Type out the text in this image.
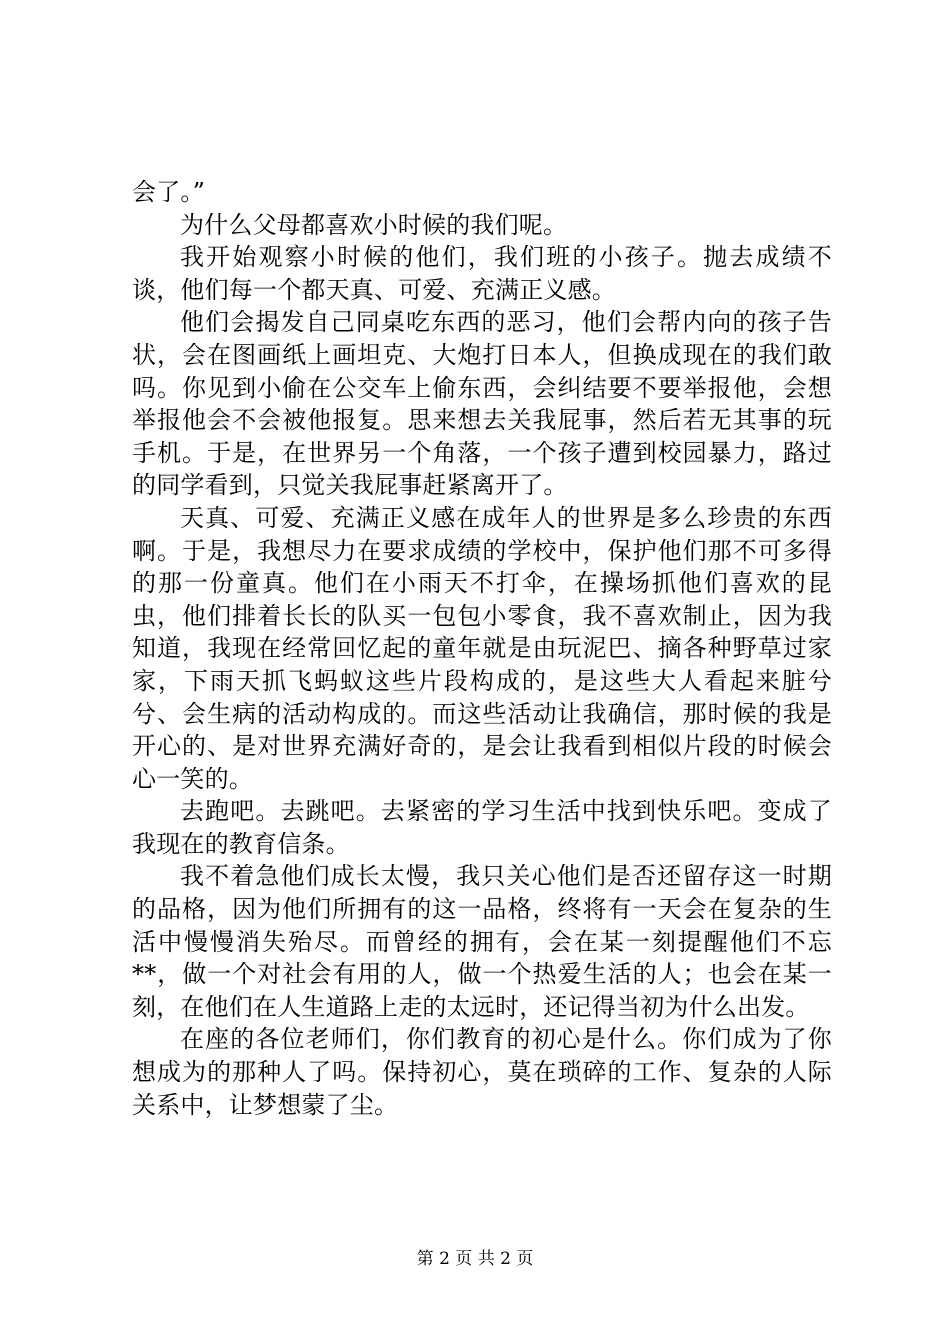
会了。”

为什么父母都喜欢小时候的我们呢。

我开始观察小时候的他们，我们班的小孩子。抛去成绩不谈，他们每一个都天真、可爱、充满正义感。

他们会揭发自己同桌吃东西的恶习，他们会帮内向的孩子告状，会在图画纸上画坦克、大炮打日本人，但换成现在的我们敢吗。你见到小偷在公交车上偷东西，会纠结要不要举报他，会想举报他会不会被他报复。思来想去关我屁事，然后若无其事的玩手机。于是，在世界另一个角落，一个孩子遭到校园暴力，路过的同学看到，只觉关我屁事赶紧离开了。

天真、可爱、充满正义感在成年人的世界是多么珍贵的东西啊。于是，我想尽力在要求成绩的学校中，保护他们那不可多得的那一份童真。他们在小雨天不打伞，在操场抓他们喜欢的昆虫，他们排着长长的队买一包包小零食，我不喜欢制止，因为我知道，我现在经常回忆起的童年就是由玩泥巴、摘各种野草过家家，下雨天抓飞蚂蚁这些片段构成的，是这些大人看起来脏兮兮、会生病的活动构成的。而这些活动让我确信，那时候的我是开心的、是对世界充满好奇的，是会让我看到相似片段的时候会心一笑的。

去跑吧。去跳吧。去紧密的学习生活中找到快乐吧。变成了我现在的教育信条。

我不着急他们成长太慢，我只关心他们是否还留存这一时期的品格，因为他们所拥有的这一品格，终将有一天会在复杂的生活中慢慢消失殆尽。而曾经的拥有，会在某一刻提醒他们不忘**，做一个对社会有用的人，做一个热爱生活的人；也会在某一刻，在他们在人生道路上走的太远时，还记得当初为什么出发。

在座的各位老师们，你们教育的初心是什么。你们成为了你想成为的那种人了吗。保持初心，莫在琐碎的工作、复杂的人际关系中，让梦想蒙了尘。

第 2 页 共 2 页
